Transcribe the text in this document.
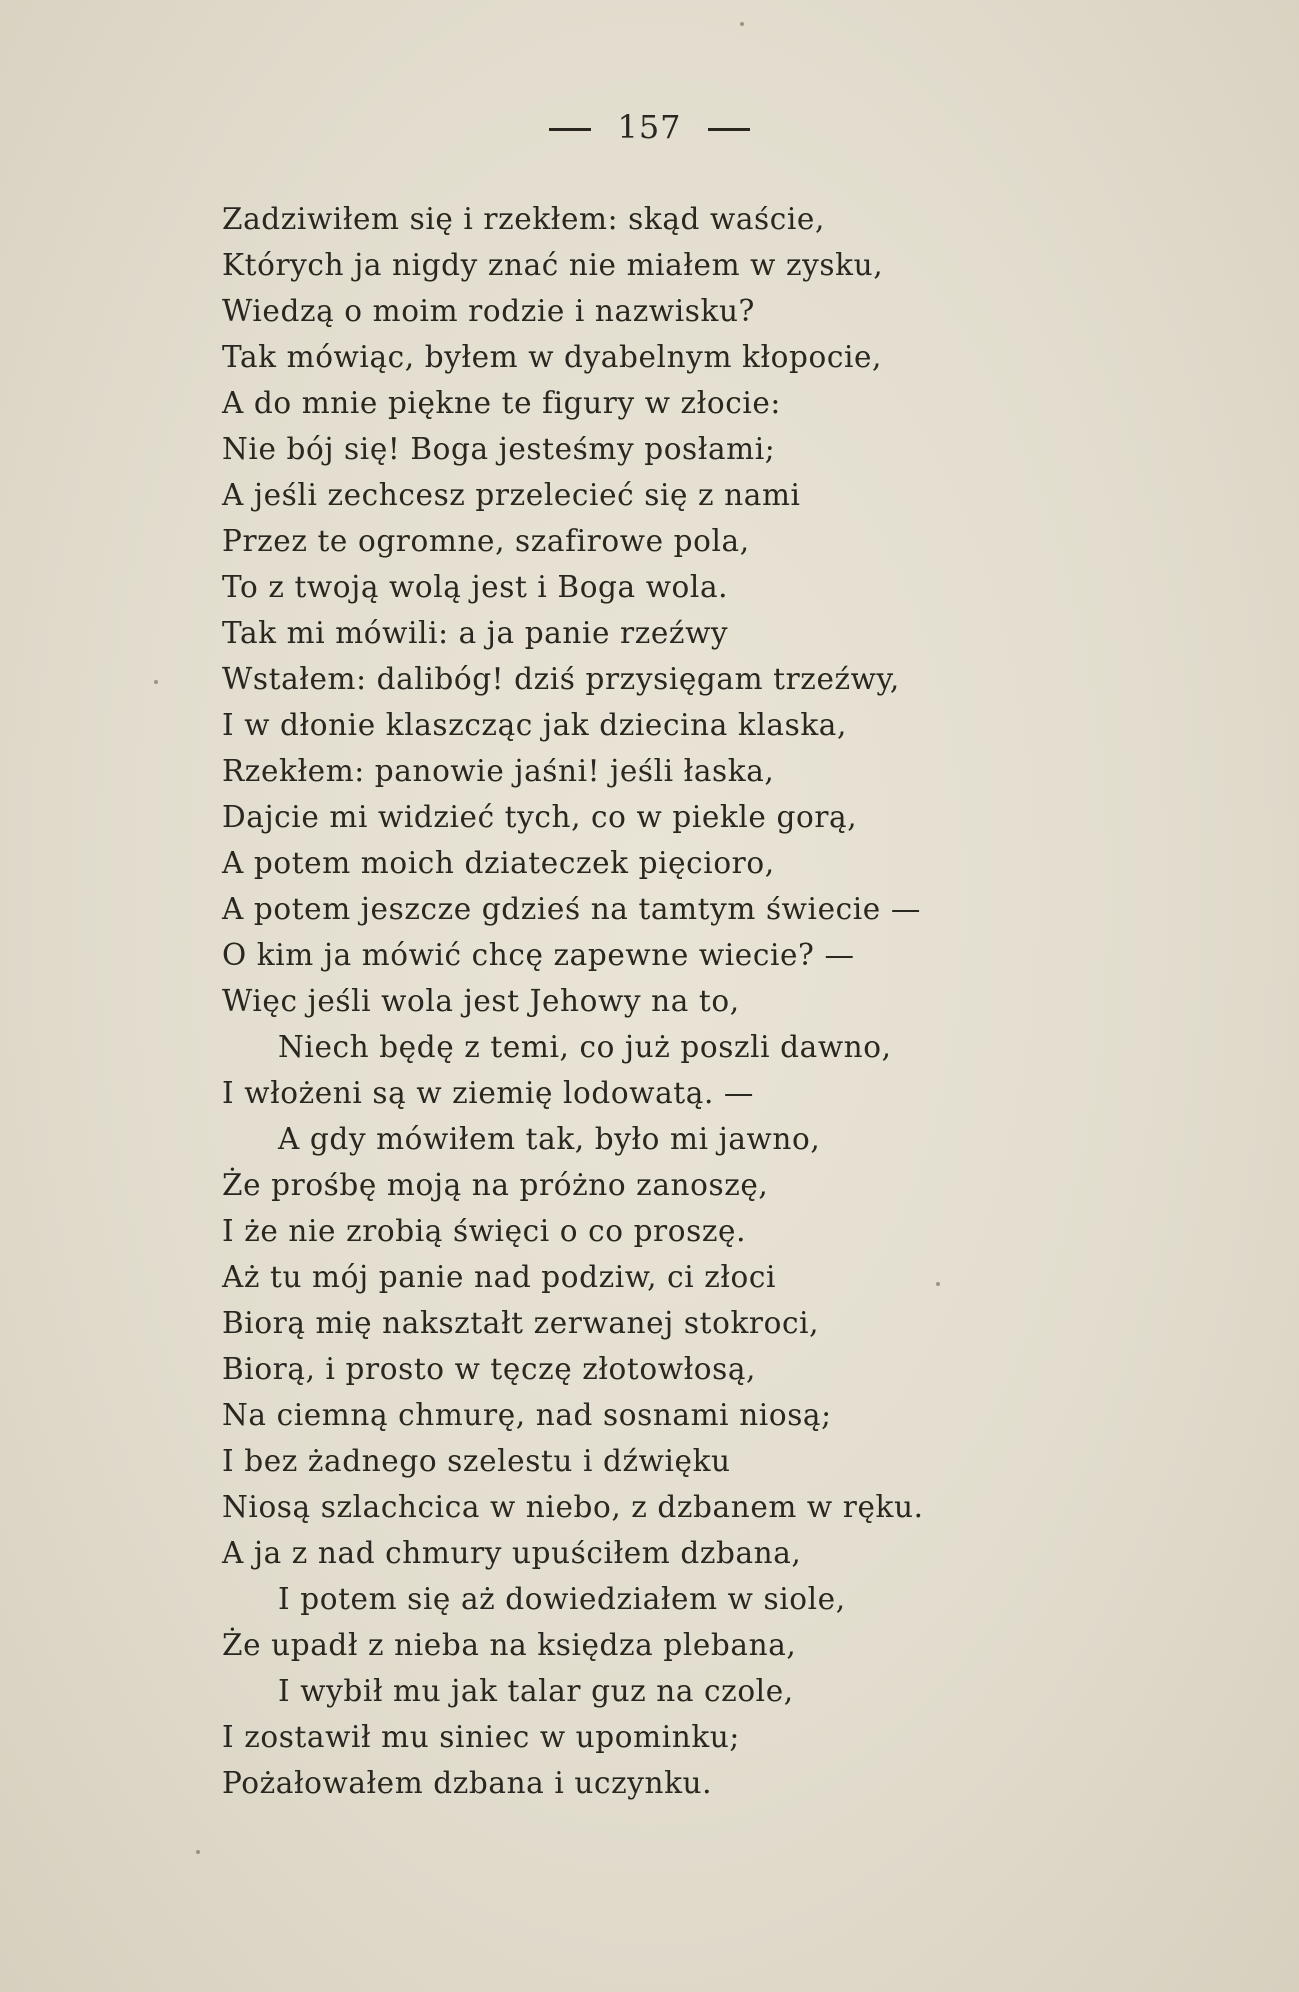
157
Zadziwiłem się i rzekłem: skąd waście,
Których ja nigdy znać nie miałem w zysku,
Wiedzą o moim rodzie i nazwisku?
Tak mówiąc, byłem w dyabelnym kłopocie,
A do mnie piękne te figury w złocie:
Nie bój się! Boga jesteśmy posłami;
A jeśli zechcesz przelecieć się z nami
Przez te ogromne, szafirowe pola,
To z twoją wolą jest i Boga wola.
Tak mi mówili: a ja panie rzeźwy
Wstałem: dalibóg! dziś przysięgam trzeźwy,
I w dłonie klaszcząc jak dziecina klaska,
Rzekłem: panowie jaśni! jeśli łaska,
Dajcie mi widzieć tych, co w piekle gorą,
A potem moich dziateczek pięcioro,
A potem jeszcze gdzieś na tamtym świecie —
O kim ja mówić chcę zapewne wiecie? —
Więc jeśli wola jest Jehowy na to,
Niech będę z temi, co już poszli dawno,
I włożeni są w ziemię lodowatą. —
A gdy mówiłem tak, było mi jawno,
Że prośbę moją na próżno zanoszę,
I że nie zrobią święci o co proszę.
Aż tu mój panie nad podziw, ci złoci
Biorą mię nakształt zerwanej stokroci,
Biorą, i prosto w tęczę złotowłosą,
Na ciemną chmurę, nad sosnami niosą;
I bez żadnego szelestu i dźwięku
Niosą szlachcica w niebo, z dzbanem w ręku.
A ja z nad chmury upuściłem dzbana,
I potem się aż dowiedziałem w siole,
Że upadł z nieba na księdza plebana,
I wybił mu jak talar guz na czole,
I zostawił mu siniec w upominku;
Pożałowałem dzbana i uczynku.
